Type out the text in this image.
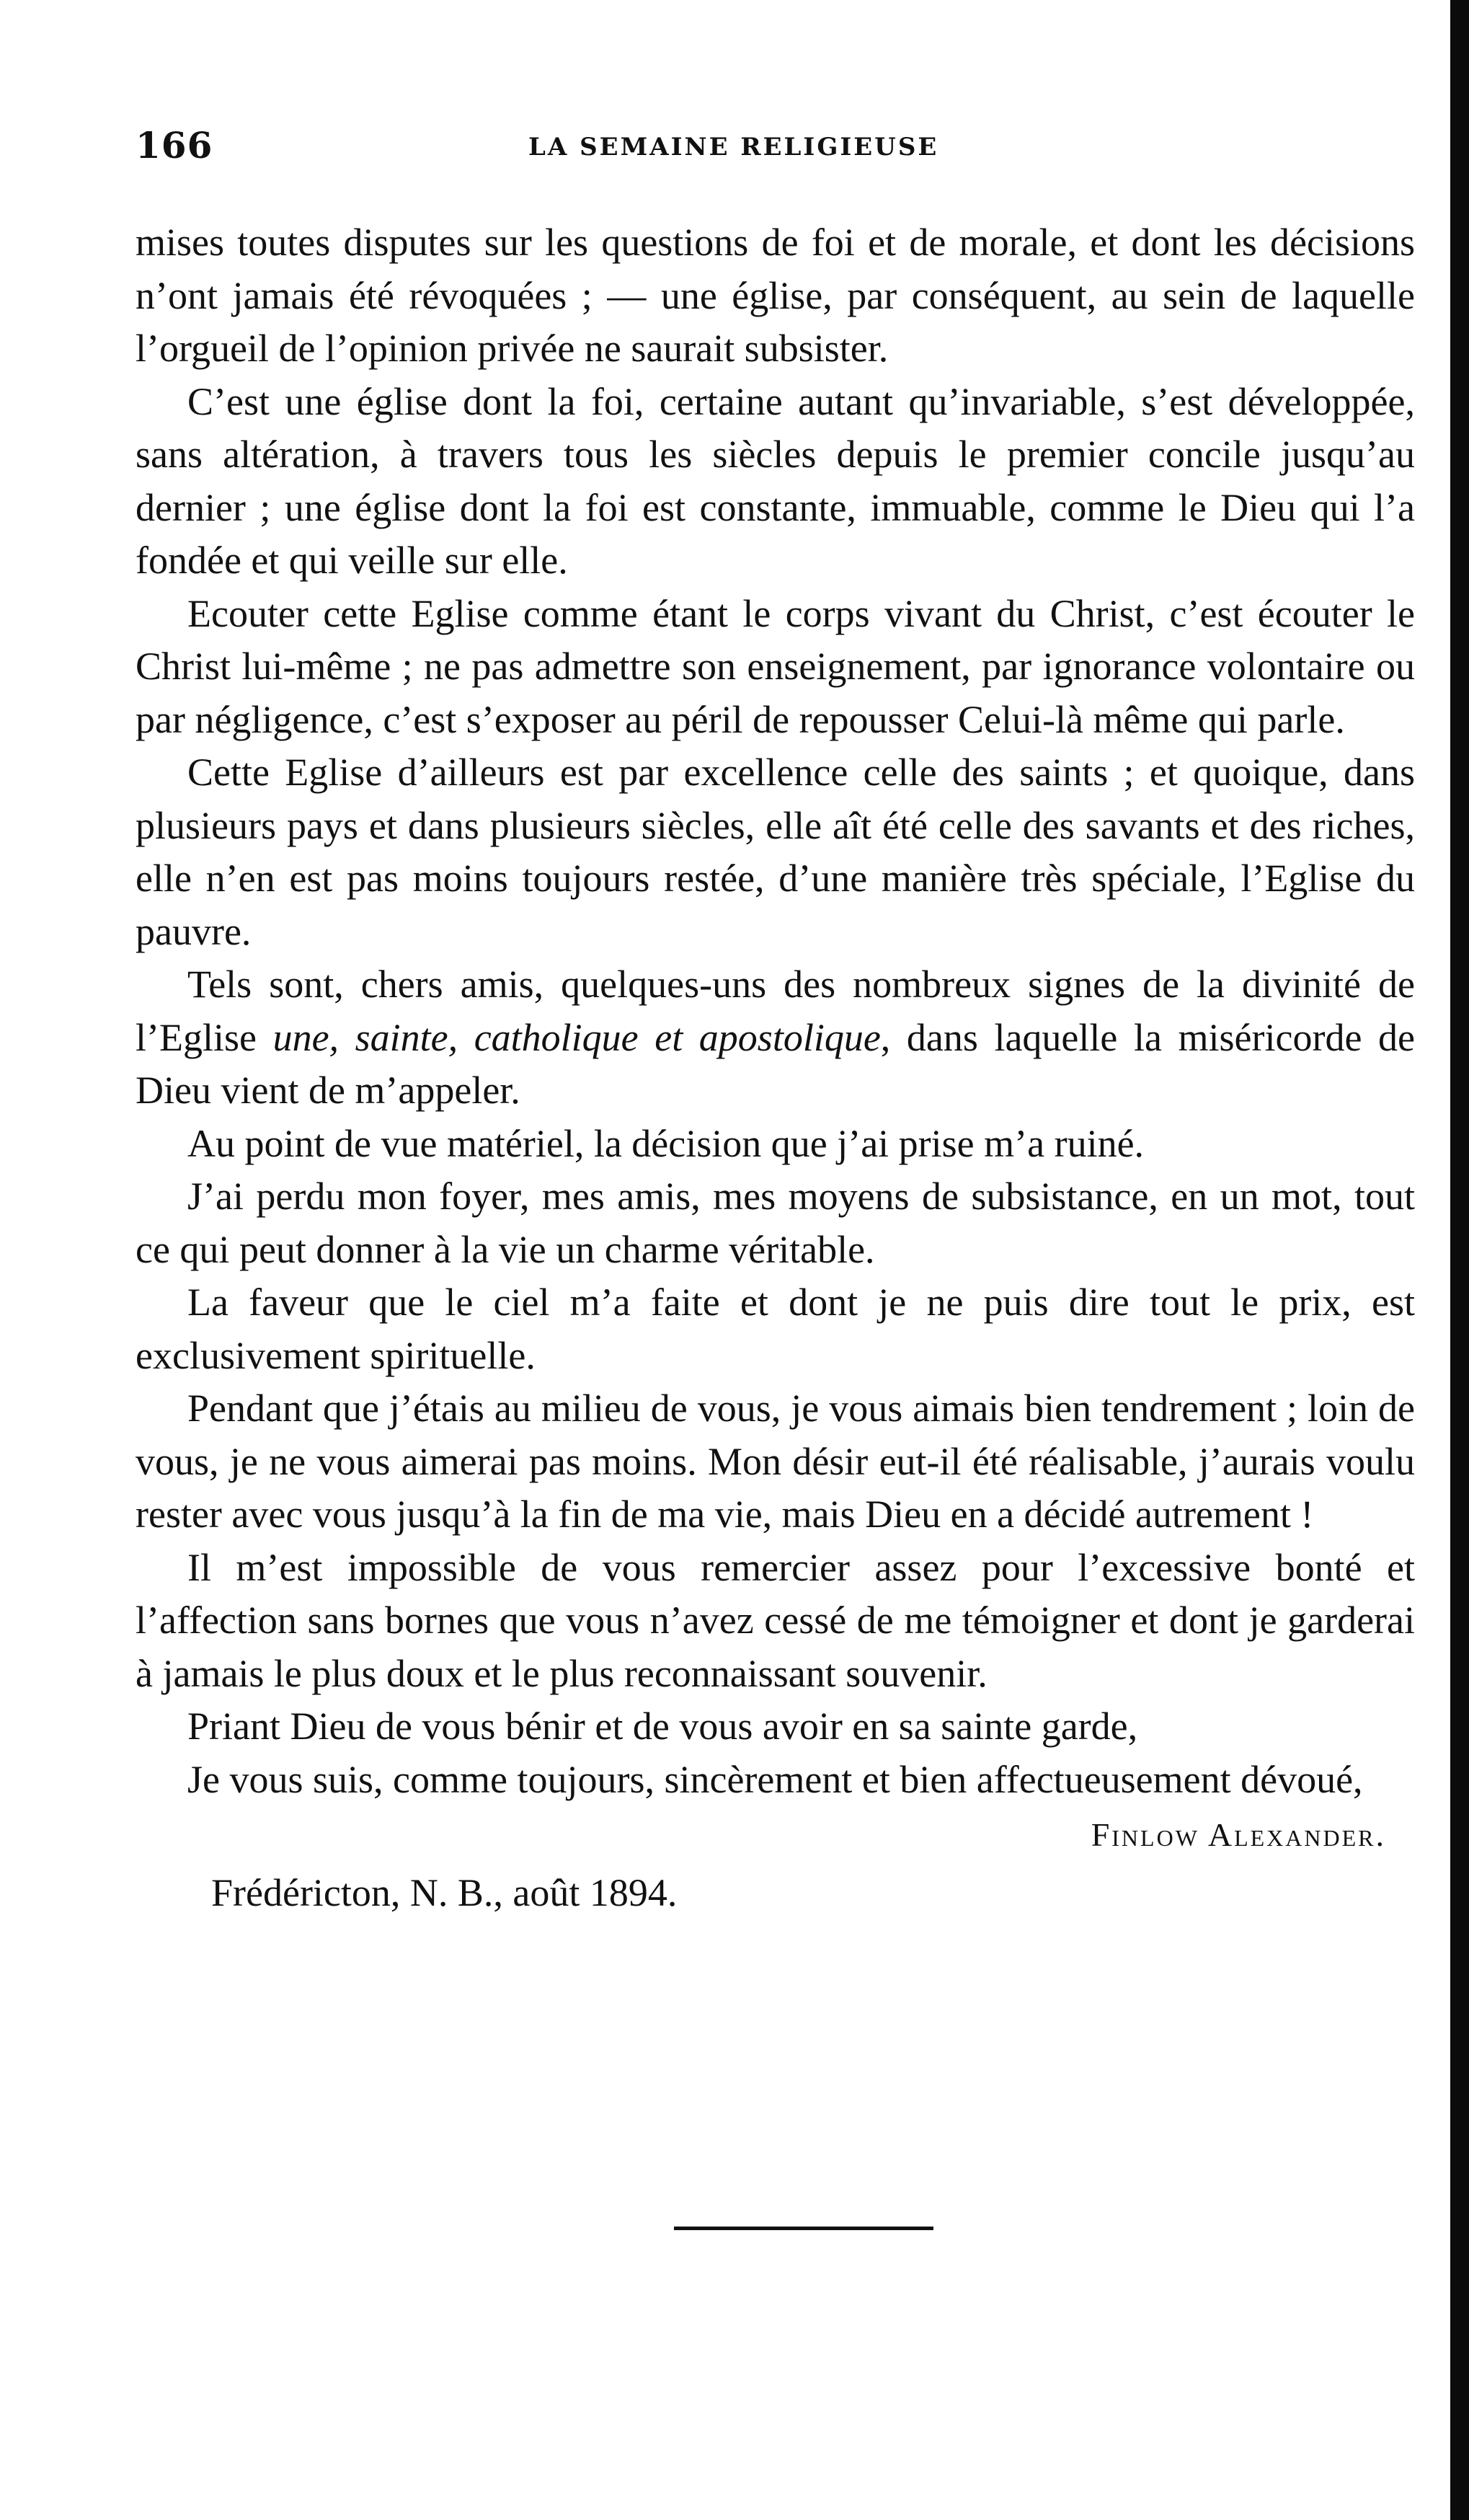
166	LA SEMAINE RELIGIEUSE

mises toutes disputes sur les questions de foi et de morale, et dont les décisions n’ont jamais été révoquées ; — une église, par conséquent, au sein de laquelle l’orgueil de l’opinion privée ne saurait subsister.

C’est une église dont la foi, certaine autant qu’invariable, s’est développée, sans altération, à travers tous les siècles depuis le premier concile jusqu’au dernier ; une église dont la foi est constante, immuable, comme le Dieu qui l’a fondée et qui veille sur elle.

Ecouter cette Eglise comme étant le corps vivant du Christ, c’est écouter le Christ lui-même ; ne pas admettre son enseignement, par ignorance volontaire ou par négligence, c’est s’exposer au péril de repousser Celui-là même qui parle.

Cette Eglise d’ailleurs est par excellence celle des saints ; et quoique, dans plusieurs pays et dans plusieurs siècles, elle aît été celle des savants et des riches, elle n’en est pas moins toujours restée, d’une manière très spéciale, l’Eglise du pauvre.

Tels sont, chers amis, quelques-uns des nombreux signes de la divinité de l’Eglise une, sainte, catholique et apostolique, dans laquelle la miséricorde de Dieu vient de m’appeler.

Au point de vue matériel, la décision que j’ai prise m’a ruiné.

J’ai perdu mon foyer, mes amis, mes moyens de subsistance, en un mot, tout ce qui peut donner à la vie un charme véritable.

La faveur que le ciel m’a faite et dont je ne puis dire tout le prix, est exclusivement spirituelle.

Pendant que j’étais au milieu de vous, je vous aimais bien tendrement ; loin de vous, je ne vous aimerai pas moins. Mon désir eut-il été réalisable, j’aurais voulu rester avec vous jusqu’à la fin de ma vie, mais Dieu en a décidé autrement !

Il m’est impossible de vous remercier assez pour l’excessive bonté et l’affection sans bornes que vous n’avez cessé de me témoigner et dont je garderai à jamais le plus doux et le plus reconnaissant souvenir.

Priant Dieu de vous bénir et de vous avoir en sa sainte garde,

Je vous suis, comme toujours, sincèrement et bien affectueusement dévoué,

Finlow Alexander.

Frédéricton, N. B., août 1894.
